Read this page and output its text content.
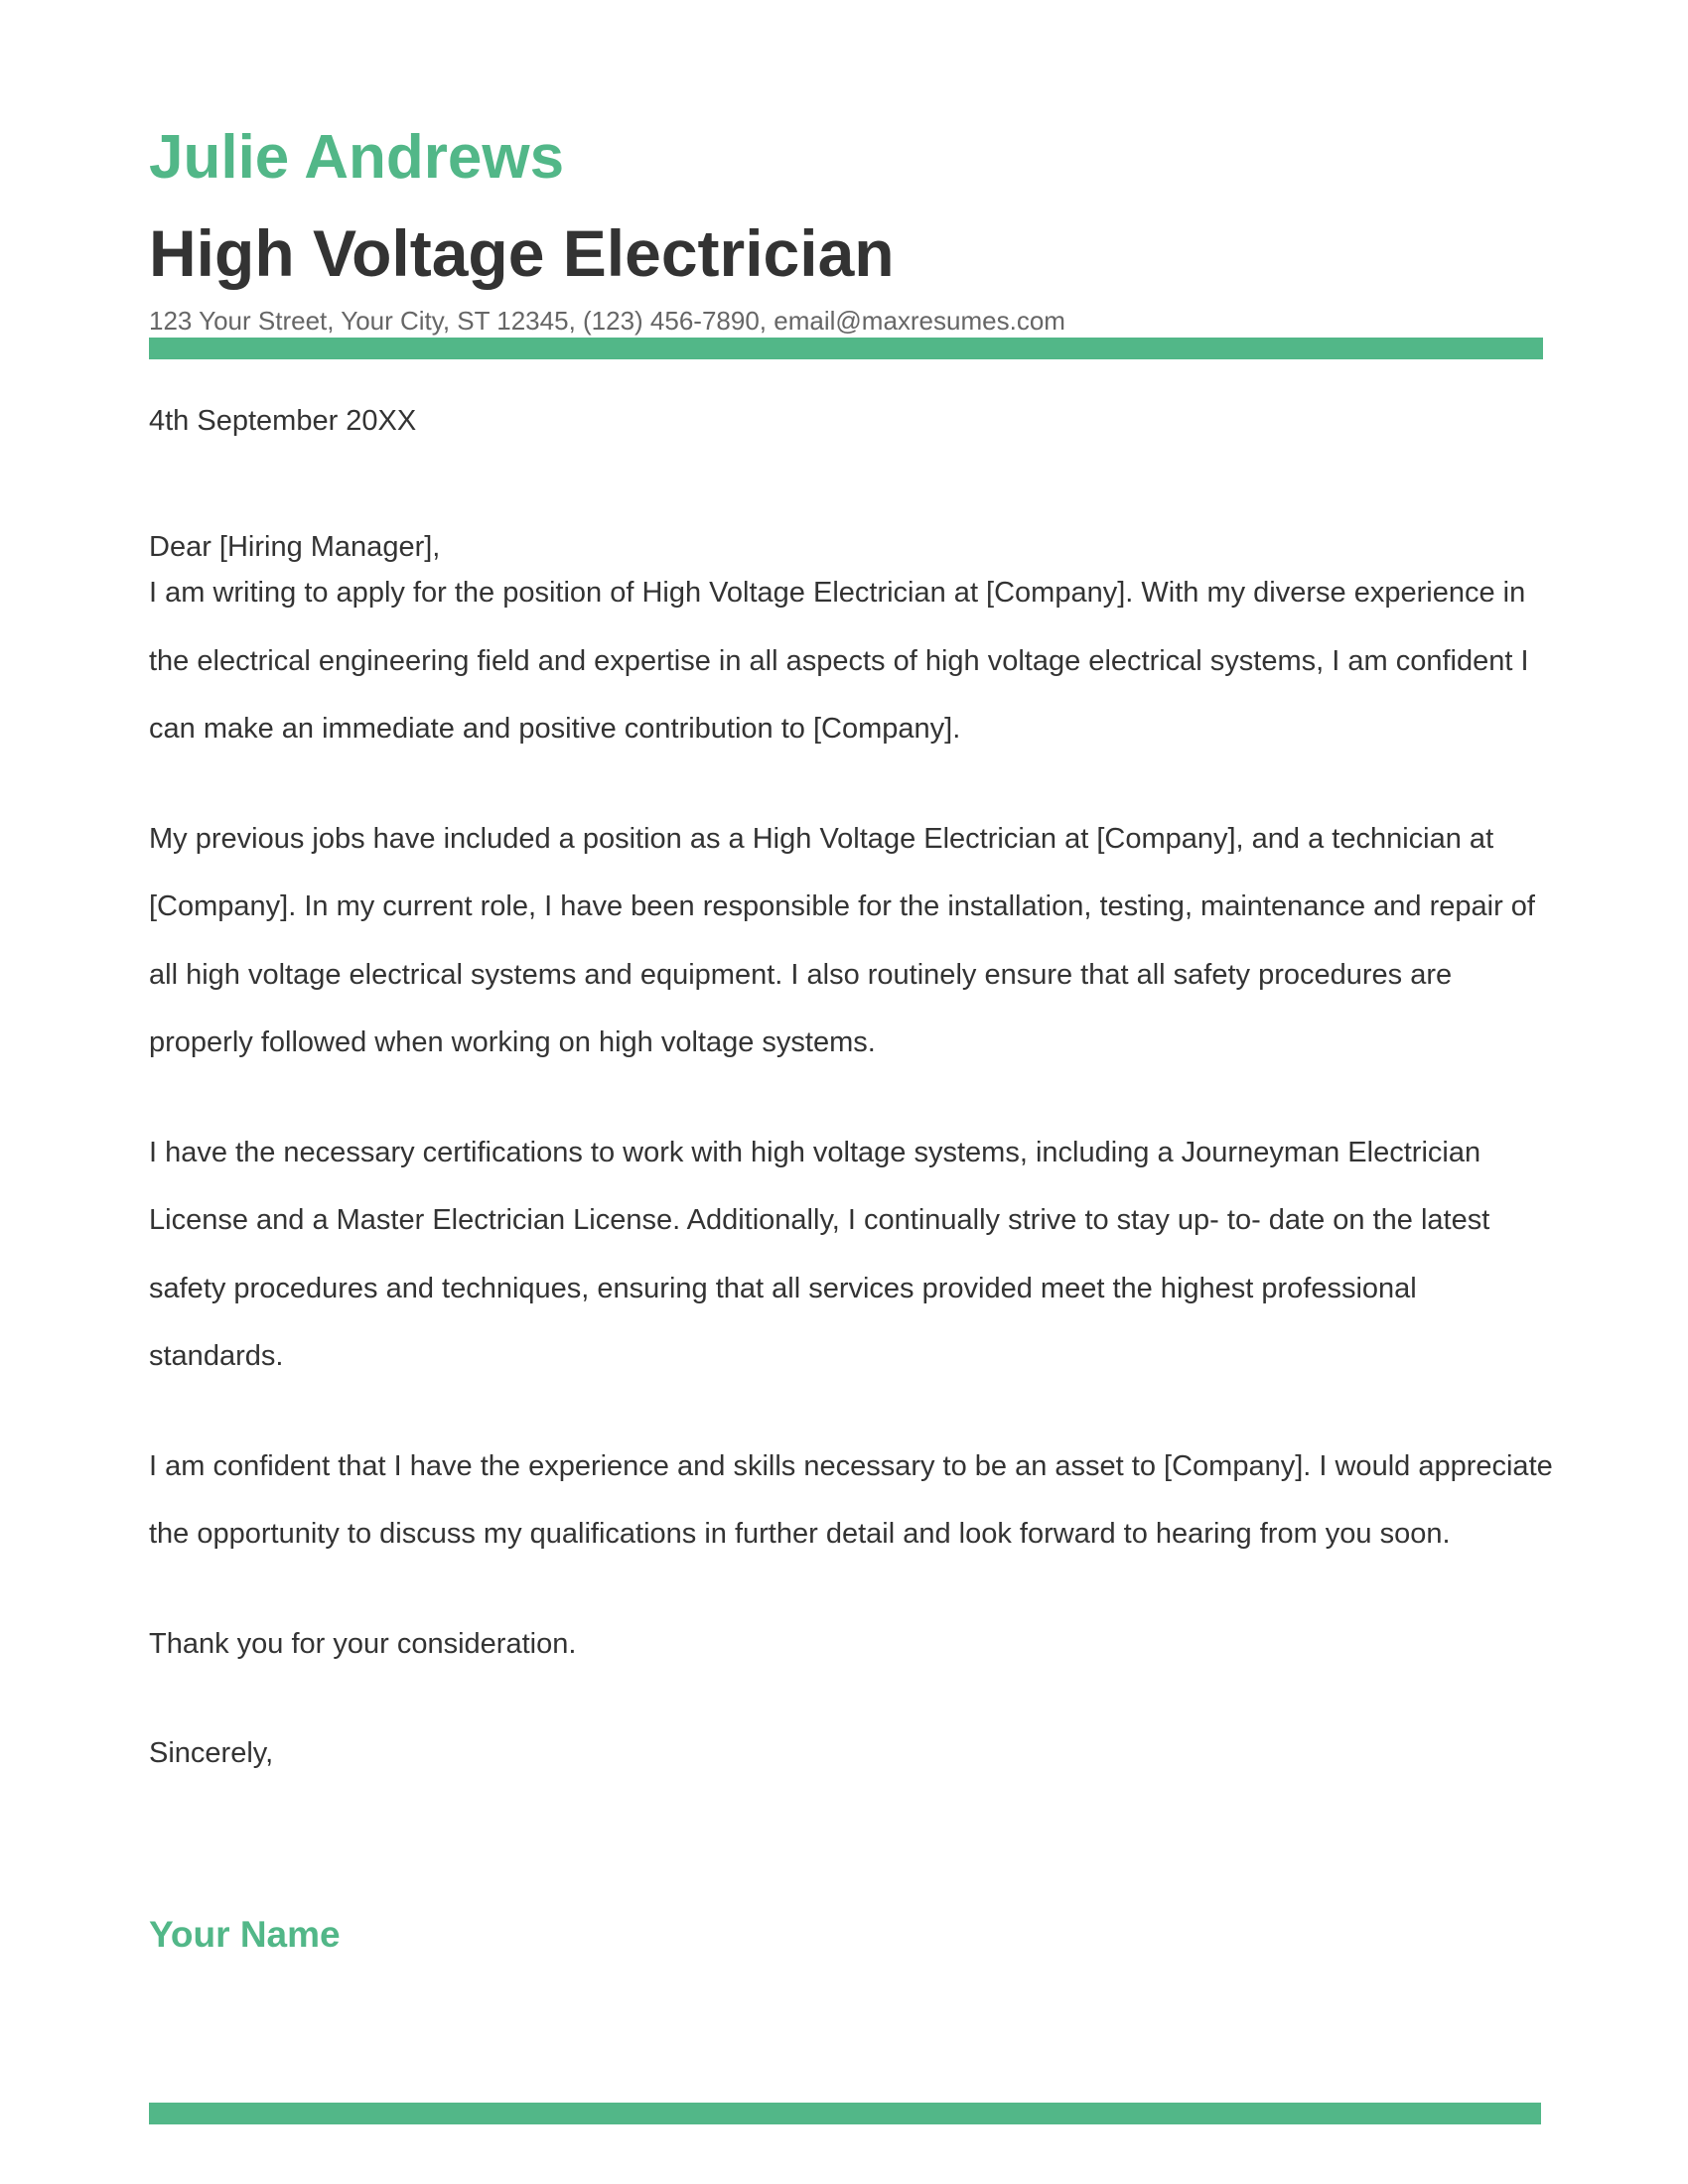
Julie Andrews
High Voltage Electrician
123 Your Street, Your City, ST 12345, (123) 456-7890, email@maxresumes.com
4th September 20XX

Dear [Hiring Manager],

I am writing to apply for the position of High Voltage Electrician at [Company]. With my diverse experience in the electrical engineering field and expertise in all aspects of high voltage electrical systems, I am confident I can make an immediate and positive contribution to [Company].

My previous jobs have included a position as a High Voltage Electrician at [Company], and a technician at [Company]. In my current role, I have been responsible for the installation, testing, maintenance and repair of all high voltage electrical systems and equipment. I also routinely ensure that all safety procedures are properly followed when working on high voltage systems.

I have the necessary certifications to work with high voltage systems, including a Journeyman Electrician License and a Master Electrician License. Additionally, I continually strive to stay up- to- date on the latest safety procedures and techniques, ensuring that all services provided meet the highest professional standards.

I am confident that I have the experience and skills necessary to be an asset to [Company]. I would appreciate the opportunity to discuss my qualifications in further detail and look forward to hearing from you soon.

Thank you for your consideration.

Sincerely,

Your Name
